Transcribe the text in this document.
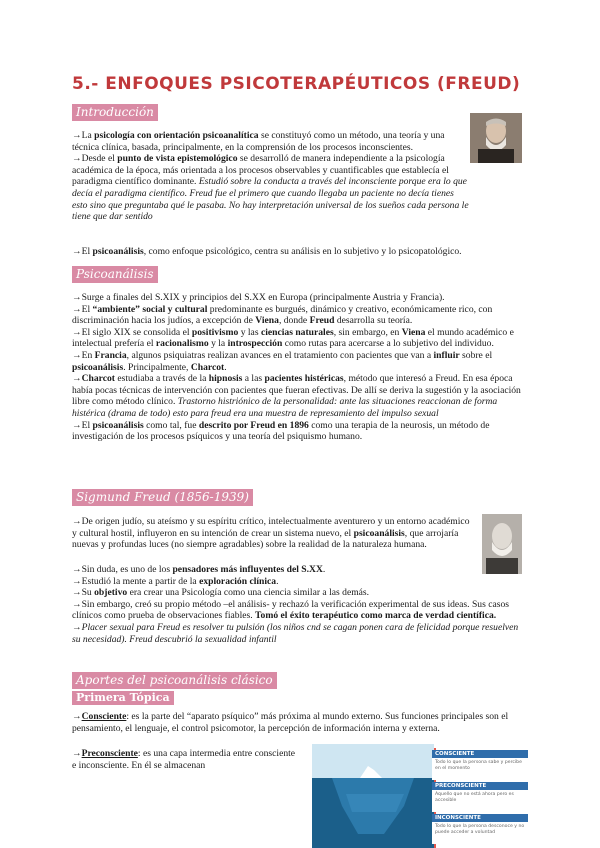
5.- ENFOQUES PSICOTERAPÉUTICOS (FREUD)
Introducción

→La psicología con orientación psicoanalítica se constituyó como un método, una teoría y una técnica clínica, basada, principalmente, en la comprensión de los procesos inconscientes.

→Desde el punto de vista epistemológico se desarrolló de manera independiente a la psicología académica de la época, más orientada a los procesos observables y cuantificables que establecía el paradigma científico dominante. Estudió sobre la conducta a través del inconsciente porque era lo que decía el paradigma científico. Freud fue el primero que cuando llegaba un paciente no decía tienes esto sino que preguntaba qué le pasaba. No hay interpretación universal de los sueños cada persona le tiene que dar sentido

→El psicoanálisis, como enfoque psicológico, centra su análisis en lo subjetivo y lo psicopatológico.

Psicoanálisis

→Surge a finales del S.XIX y principios del S.XX en Europa (principalmente Austria y Francia).

→El “ambiente” social y cultural predominante es burgués, dinámico y creativo, económicamente rico, con discriminación hacia los judíos, a excepción de Viena, donde Freud desarrolla su teoría.

→El siglo XIX se consolida el positivismo y las ciencias naturales, sin embargo, en Viena el mundo académico e intelectual prefería el racionalismo y la introspección como rutas para acercarse a lo subjetivo del individuo.

→En Francia, algunos psiquiatras realizan avances en el tratamiento con pacientes que van a influir sobre el psicoanálisis. Principalmente, Charcot.

→Charcot estudiaba a través de la hipnosis a las pacientes histéricas, método que interesó a Freud. En esa época había pocas técnicas de intervención con pacientes que fueran efectivas. De allí se deriva la sugestión y la asociación libre como método clínico. Trastorno histriónico de la personalidad: ante las situaciones reaccionan de forma histérica (drama de todo) esto para freud era una muestra de represamiento del impulso sexual

→El psicoanálisis como tal, fue descrito por Freud en 1896 como una terapia de la neurosis, un método de investigación de los procesos psíquicos y una teoría del psiquismo humano.

Sigmund Freud (1856-1939)

→De origen judío, su ateísmo y su espíritu crítico, intelectualmente aventurero y un entorno académico y cultural hostil, influyeron en su intención de crear un sistema nuevo, el psicoanálisis, que arrojaría nuevas y profundas luces (no siempre agradables) sobre la realidad de la naturaleza humana.

→Sin duda, es uno de los pensadores más influyentes del S.XX.

→Estudió la mente a partir de la exploración clínica.

→Su objetivo era crear una Psicología como una ciencia similar a las demás.

→Sin embargo, creó su propio método –el análisis- y rechazó la verificación experimental de sus ideas. Sus casos clínicos como prueba de observaciones fiables. Tomó el éxito terapéutico como marca de verdad científica.

→Placer sexual para Freud es resolver tu pulsión (los niños cnd se cagan ponen cara de felicidad porque resuelven su necesidad). Freud descubrió la sexualidad infantil

Aportes del psicoanálisis clásico
Primera Tópica

→Consciente: es la parte del “aparato psíquico” más próxima al mundo externo. Sus funciones principales son el pensamiento, el lenguaje, el control psicomotor, la percepción de información interna y externa.

→Preconsciente: es una capa intermedia entre consciente e inconsciente. En él se almacenan

CONSCIENTE
Todo lo que la persona sabe y percibe en el momento
PRECONSCIENTE
Aquello que no está ahora pero es accesible
INCONSCIENTE
Todo lo que la persona desconoce y no puede acceder a voluntad
